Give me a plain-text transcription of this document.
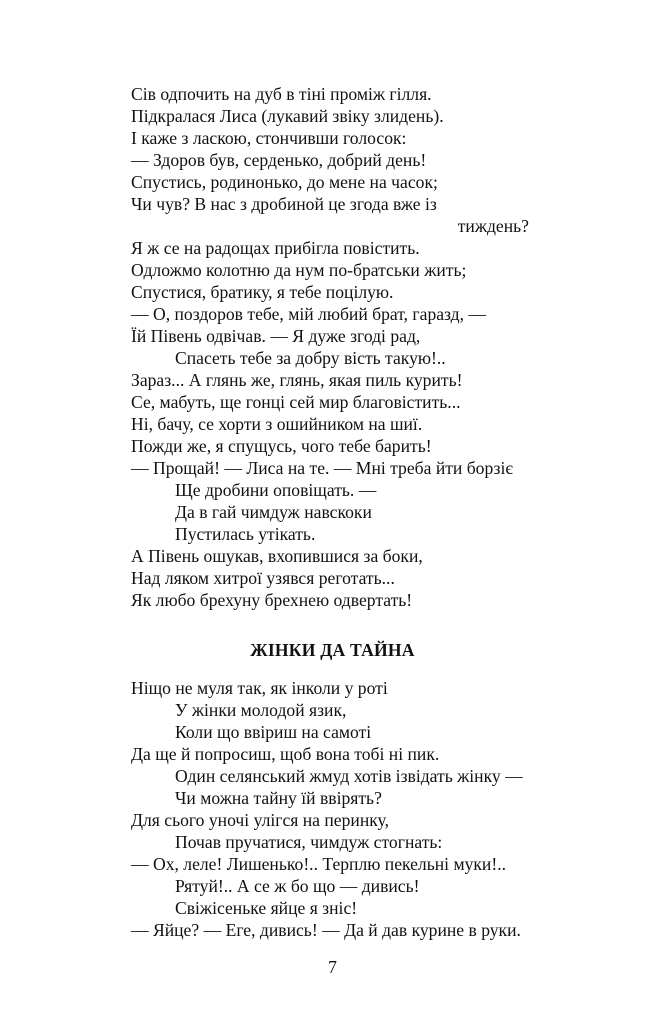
Сів одпочить на дуб в тіні проміж гілля.
Підкралася Лиса (лукавий звіку злидень).
І каже з ласкою, стончивши голосок:
— Здоров був, серденько, добрий день!
Спустись, родинонько, до мене на часок;
Чи чув? В нас з дробиной це згода вже із
тиждень?
Я ж се на радощах прибігла повістить.
Одложмо колотню да нум по-братськи жить;
Спустися, братику, я тебе поцілую.
— О, поздоров тебе, мій любий брат, гаразд, —
Їй Півень одвічав. — Я дуже згоді рад,
Спасеть тебе за добру вість такую!..
Зараз... А глянь же, глянь, якая пиль курить!
Се, мабуть, ще гонці сей мир благовістить...
Ні, бачу, се хорти з ошийником на шиї.
Пожди же, я спущусь, чого тебе барить!
— Прощай! — Лиса на те. — Мні треба йти борзіє
Ще дробини оповіщать. —
Да в гай чимдуж навскоки
Пустилась утікать.
А Півень ошукав, вхопившися за боки,
Над ляком хитрої узявся реготать...
Як любо брехуну брехнею одвертать!
ЖІНКИ ДА ТАЙНА
Ніщо не муля так, як інколи у роті
У жінки молодой язик,
Коли що ввіриш на самоті
Да ще й попросиш, щоб вона тобі ні пик.
Один селянський жмуд хотів ізвідать жінку —
Чи можна тайну їй ввірять?
Для сього уночі улігся на перинку,
Почав пручатися, чимдуж стогнать:
— Ох, леле! Лишенько!.. Терплю пекельні муки!..
Рятуй!.. А се ж бо що — дивись!
Свіжісеньке яйце я зніс!
— Яйце? — Еге, дивись! — Да й дав курине в руки.
7
